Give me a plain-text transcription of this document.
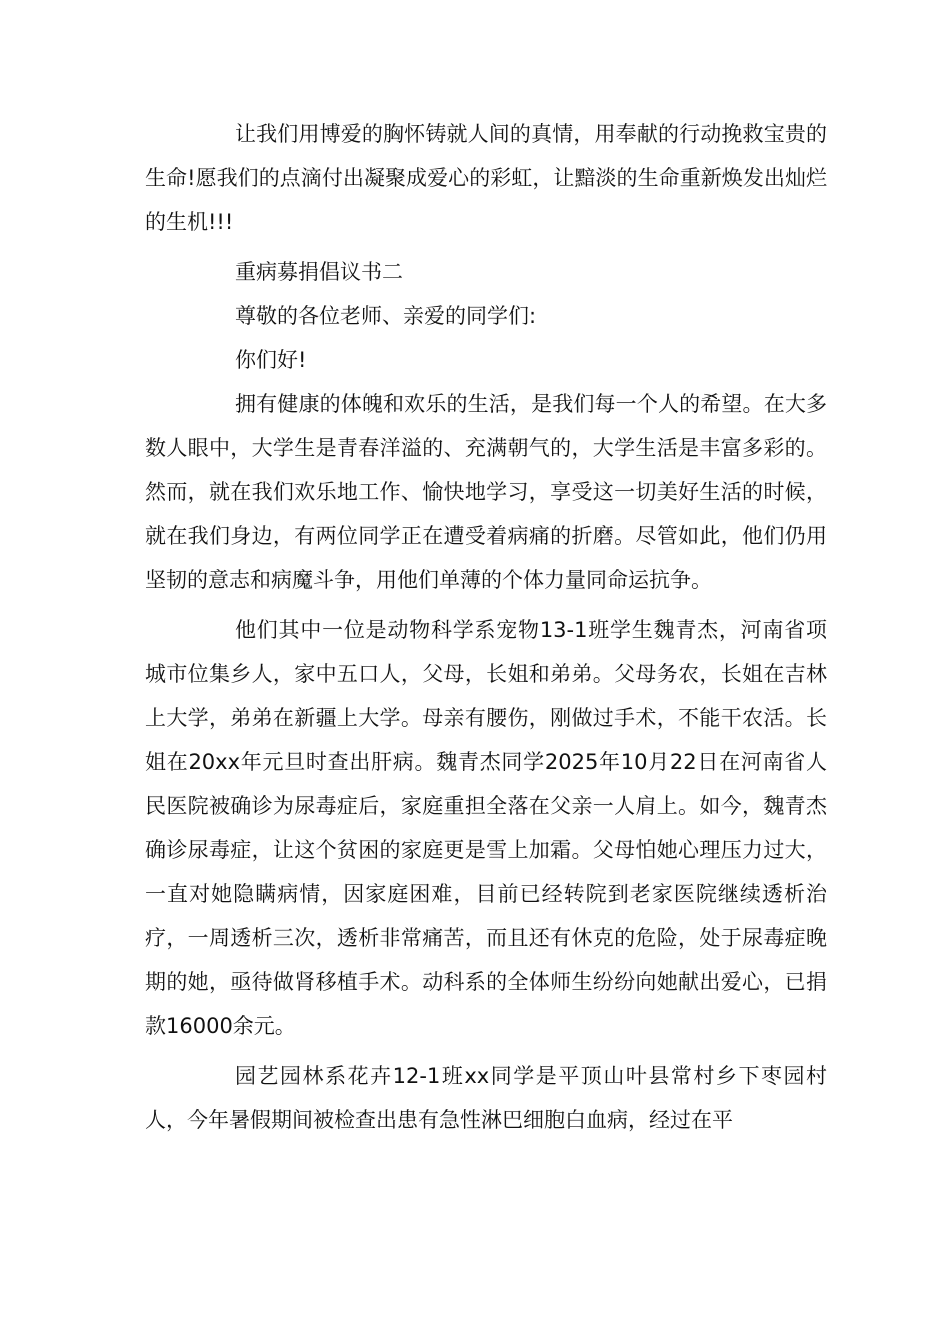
让我们用博爱的胸怀铸就人间的真情，用奉献的行动挽救宝贵的生命!愿我们的点滴付出凝聚成爱心的彩虹，让黯淡的生命重新焕发出灿烂的生机!!!

重病募捐倡议书二

尊敬的各位老师、亲爱的同学们:

你们好!

拥有健康的体魄和欢乐的生活，是我们每一个人的希望。在大多数人眼中，大学生是青春洋溢的、充满朝气的，大学生活是丰富多彩的。然而，就在我们欢乐地工作、愉快地学习，享受这一切美好生活的时候，就在我们身边，有两位同学正在遭受着病痛的折磨。尽管如此，他们仍用坚韧的意志和病魔斗争，用他们单薄的个体力量同命运抗争。

他们其中一位是动物科学系宠物13-1班学生魏青杰，河南省项城市位集乡人，家中五口人，父母，长姐和弟弟。父母务农，长姐在吉林上大学，弟弟在新疆上大学。母亲有腰伤，刚做过手术，不能干农活。长姐在20xx年元旦时查出肝病。魏青杰同学2025年10月22日在河南省人民医院被确诊为尿毒症后，家庭重担全落在父亲一人肩上。如今，魏青杰确诊尿毒症，让这个贫困的家庭更是雪上加霜。父母怕她心理压力过大，一直对她隐瞒病情，因家庭困难，目前已经转院到老家医院继续透析治疗，一周透析三次，透析非常痛苦，而且还有休克的危险，处于尿毒症晚期的她，亟待做肾移植手术。动科系的全体师生纷纷向她献出爱心，已捐款16000余元。

园艺园林系花卉12-1班xx同学是平顶山叶县常村乡下枣园村人，今年暑假期间被检查出患有急性淋巴细胞白血病，经过在平
